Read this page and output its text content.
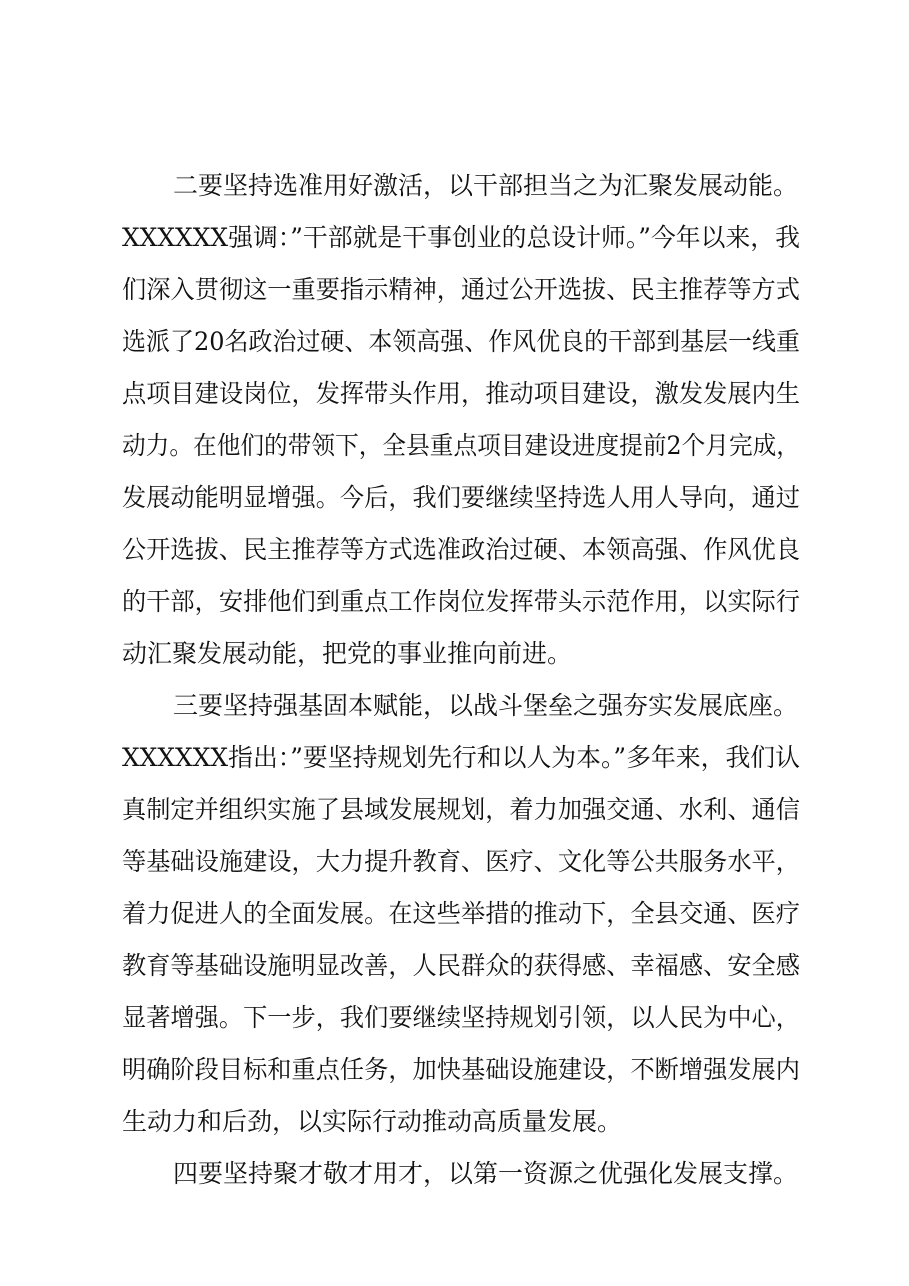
二要坚持选准用好激活，以干部担当之为汇聚发展动能。
XXXXXX强调：”干部就是干事创业的总设计师。”今年以来，我
们深入贯彻这一重要指示精神，通过公开选拔、民主推荐等方式
选派了20名政治过硬、本领高强、作风优良的干部到基层一线重
点项目建设岗位，发挥带头作用，推动项目建设，激发发展内生
动力。在他们的带领下，全县重点项目建设进度提前2个月完成，
发展动能明显增强。今后，我们要继续坚持选人用人导向，通过
公开选拔、民主推荐等方式选准政治过硬、本领高强、作风优良
的干部，安排他们到重点工作岗位发挥带头示范作用，以实际行
动汇聚发展动能，把党的事业推向前进。
三要坚持强基固本赋能，以战斗堡垒之强夯实发展底座。
XXXXXX指出：”要坚持规划先行和以人为本。”多年来，我们认
真制定并组织实施了县域发展规划，着力加强交通、水利、通信
等基础设施建设，大力提升教育、医疗、文化等公共服务水平，
着力促进人的全面发展。在这些举措的推动下，全县交通、医疗
教育等基础设施明显改善，人民群众的获得感、幸福感、安全感
显著增强。下一步，我们要继续坚持规划引领，以人民为中心，
明确阶段目标和重点任务，加快基础设施建设，不断增强发展内
生动力和后劲，以实际行动推动高质量发展。
四要坚持聚才敬才用才，以第一资源之优强化发展支撑。
